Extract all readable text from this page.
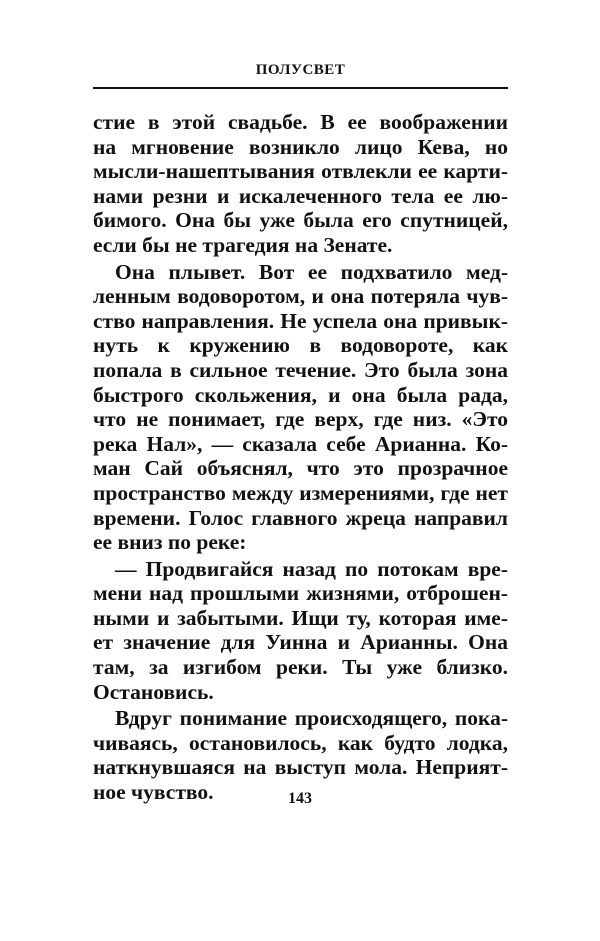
ПОЛУСВЕТ
стие в этой свадьбе. В ее воображении
на мгновение возникло лицо Кева, но
мысли-нашептывания отвлекли ее карти-
нами резни и искалеченного тела ее лю-
бимого. Она бы уже была его спутницей,
если бы не трагедия на Зенате.
Она плывет. Вот ее подхватило мед-
ленным водоворотом, и она потеряла чув-
ство направления. Не успела она привык-
нуть к кружению в водовороте, как
попала в сильное течение. Это была зона
быстрого скольжения, и она была рада,
что не понимает, где верх, где низ. «Это
река Нал», — сказала себе Арианна. Ко-
ман Сай объяснял, что это прозрачное
пространство между измерениями, где нет
времени. Голос главного жреца направил
ее вниз по реке:
— Продвигайся назад по потокам вре-
мени над прошлыми жизнями, отброшен-
ными и забытыми. Ищи ту, которая име-
ет значение для Уинна и Арианны. Она
там, за изгибом реки. Ты уже близко.
Остановись.
Вдруг понимание происходящего, пока-
чиваясь, остановилось, как будто лодка,
наткнувшаяся на выступ мола. Неприят-
ное чувство.	143
